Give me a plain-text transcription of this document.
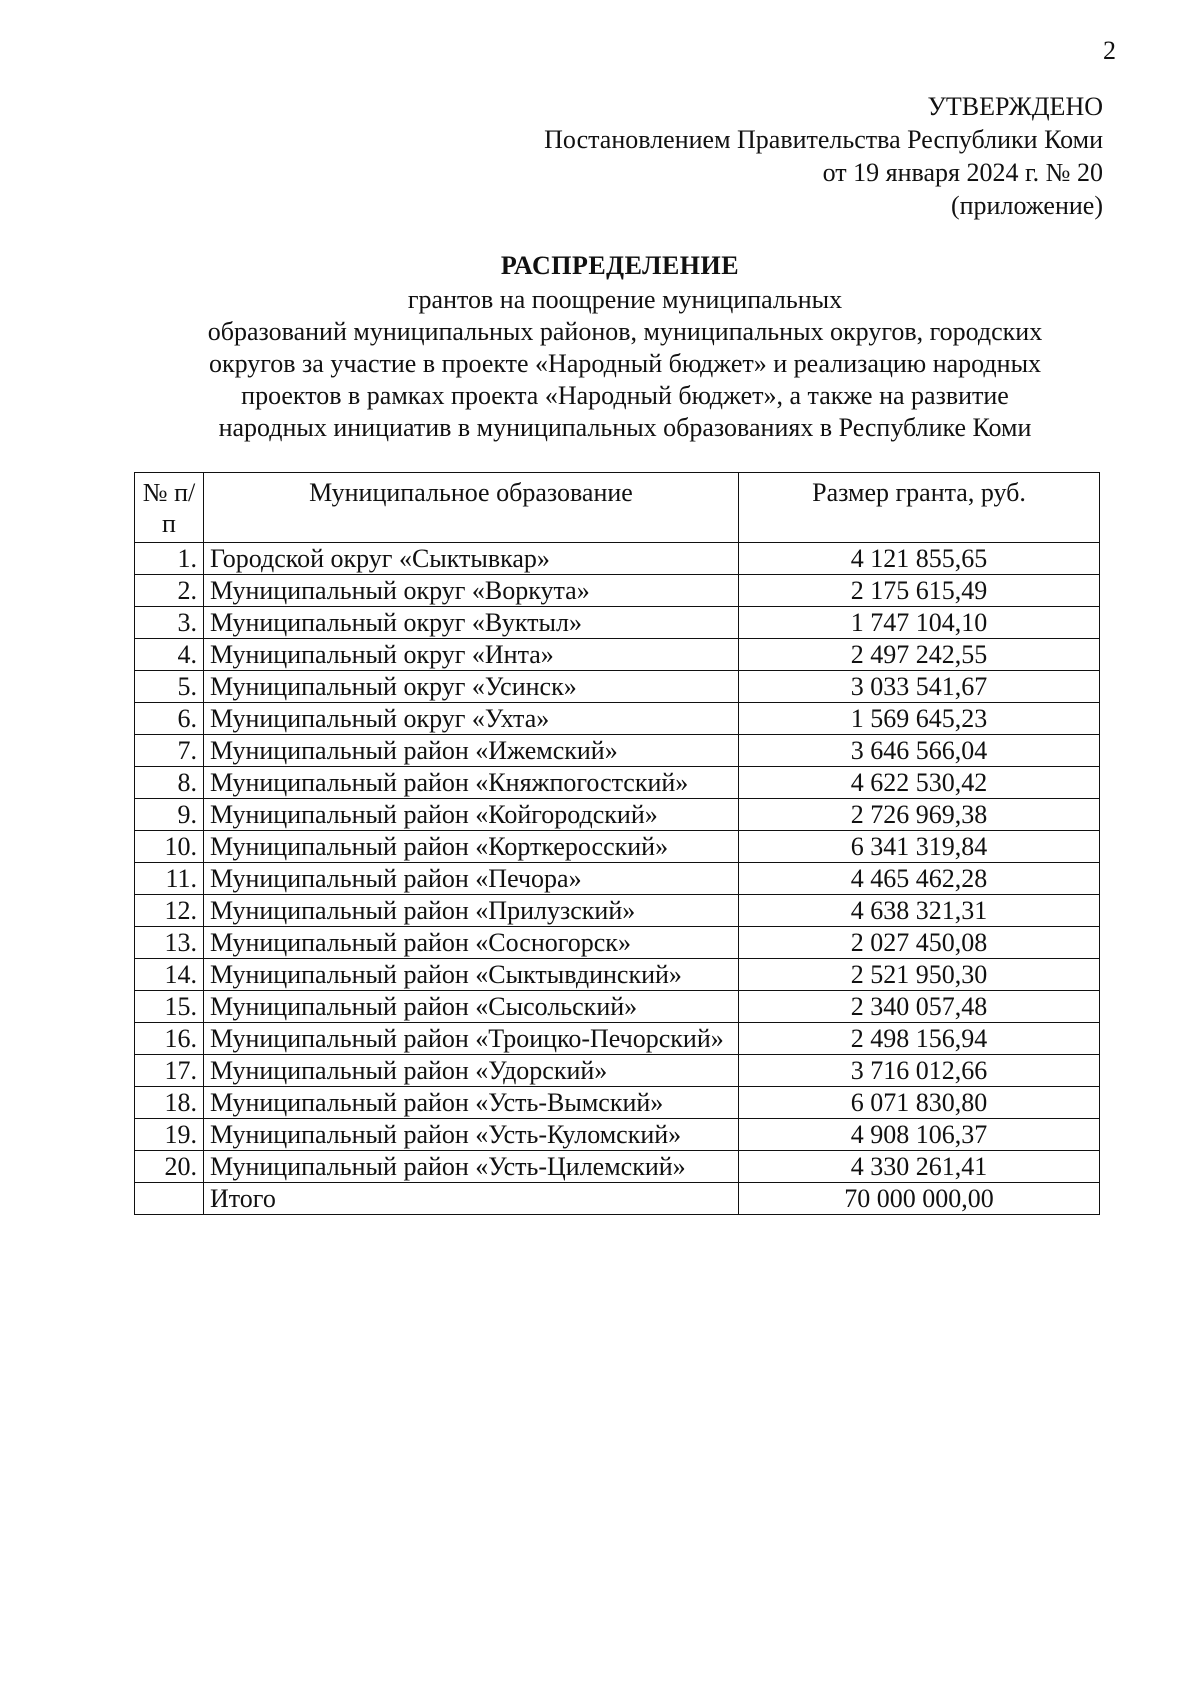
2
УТВЕРЖДЕНО
Постановлением Правительства Республики Коми
от 19 января 2024 г. № 20
(приложение)
РАСПРЕДЕЛЕНИЕ
грантов на поощрение муниципальных
образований муниципальных районов, муниципальных округов, городских
округов за участие в проекте «Народный бюджет» и реализацию народных
проектов в рамках проекта «Народный бюджет», а также на развитие
народных инициатив в муниципальных образованиях в Республике Коми
№ п/п	Муниципальное образование	Размер гранта, руб.
1.	Городской округ «Сыктывкар»	4 121 855,65
2.	Муниципальный округ «Воркута»	2 175 615,49
3.	Муниципальный округ «Вуктыл»	1 747 104,10
4.	Муниципальный округ «Инта»	2 497 242,55
5.	Муниципальный округ «Усинск»	3 033 541,67
6.	Муниципальный округ «Ухта»	1 569 645,23
7.	Муниципальный район «Ижемский»	3 646 566,04
8.	Муниципальный район «Княжпогостский»	4 622 530,42
9.	Муниципальный район «Койгородский»	2 726 969,38
10.	Муниципальный район «Корткеросский»	6 341 319,84
11.	Муниципальный район «Печора»	4 465 462,28
12.	Муниципальный район «Прилузский»	4 638 321,31
13.	Муниципальный район «Сосногорск»	2 027 450,08
14.	Муниципальный район «Сыктывдинский»	2 521 950,30
15.	Муниципальный район «Сысольский»	2 340 057,48
16.	Муниципальный район «Троицко-Печорский»	2 498 156,94
17.	Муниципальный район «Удорский»	3 716 012,66
18.	Муниципальный район «Усть-Вымский»	6 071 830,80
19.	Муниципальный район «Усть-Куломский»	4 908 106,37
20.	Муниципальный район «Усть-Цилемский»	4 330 261,41
	Итого	70 000 000,00
